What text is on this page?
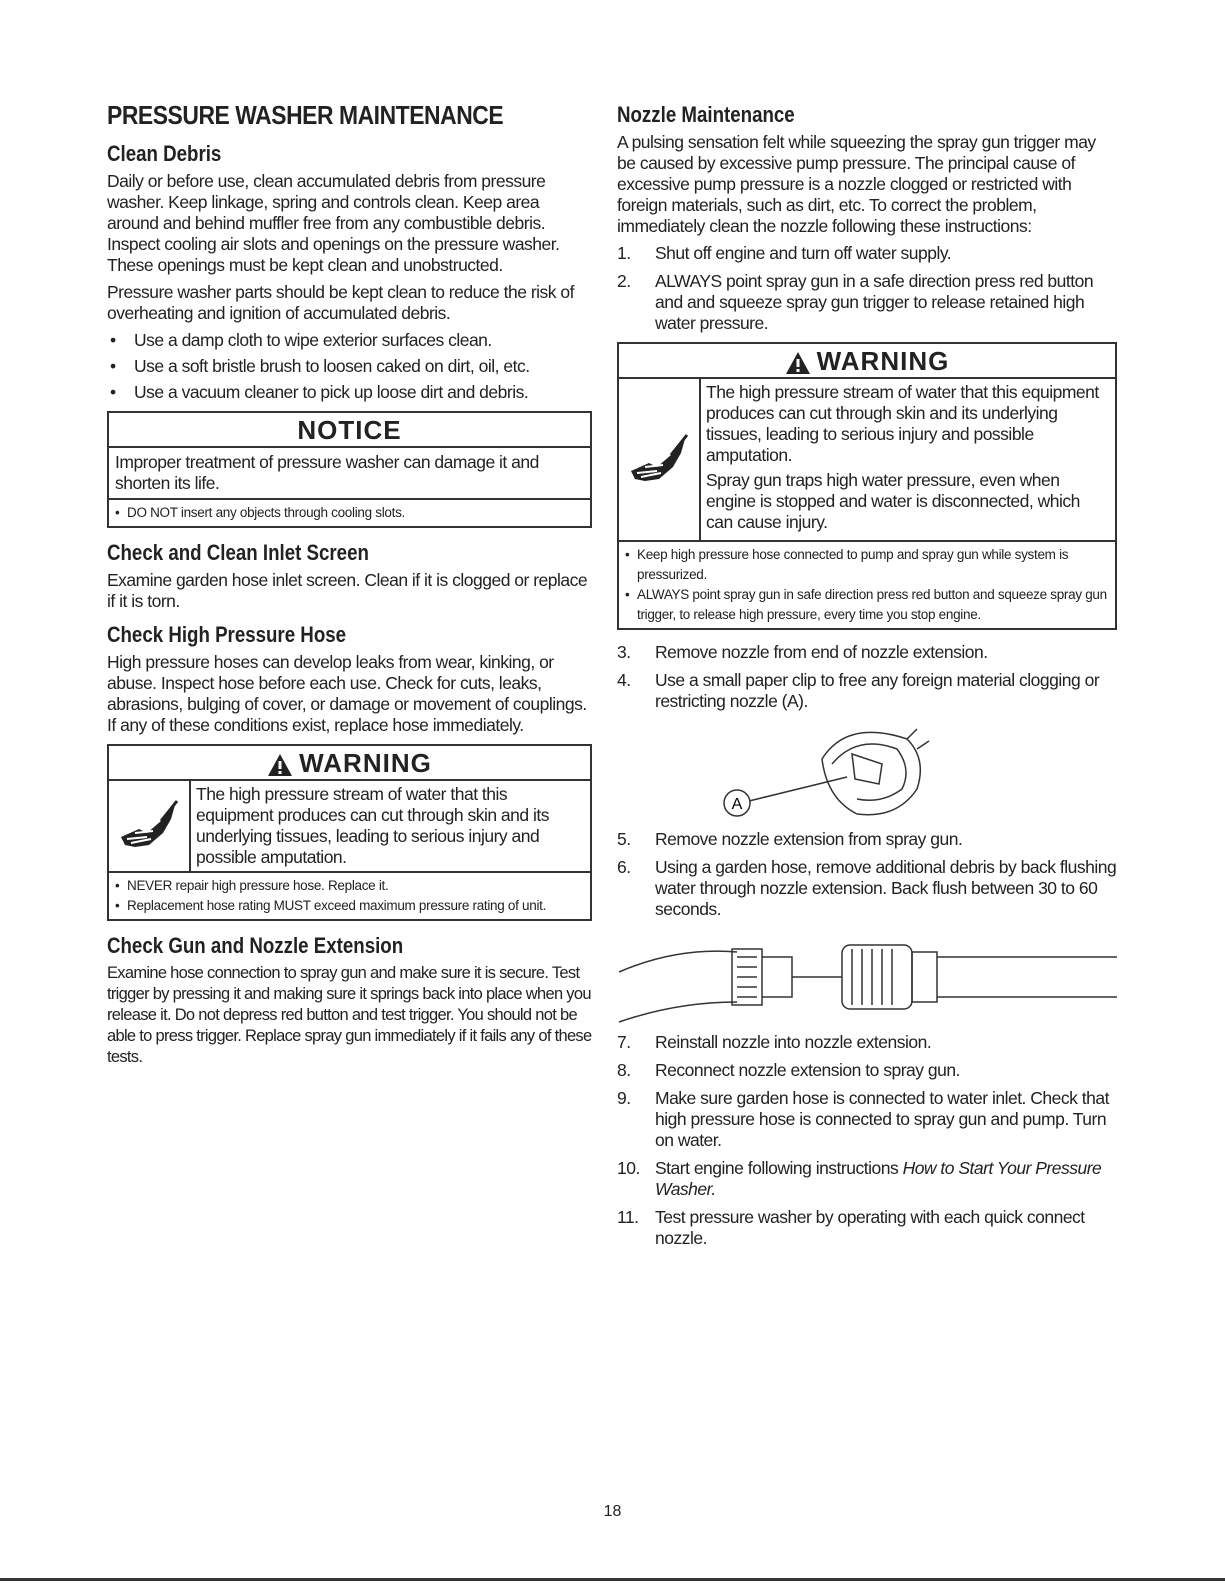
PRESSURE WASHER MAINTENANCE
Clean Debris

Daily or before use, clean accumulated debris from pressure washer. Keep linkage, spring and controls clean. Keep area around and behind muffler free from any combustible debris. Inspect cooling air slots and openings on the pressure washer. These openings must be kept clean and unobstructed.

Pressure washer parts should be kept clean to reduce the risk of overheating and ignition of accumulated debris.

• Use a damp cloth to wipe exterior surfaces clean.
• Use a soft bristle brush to loosen caked on dirt, oil, etc.
• Use a vacuum cleaner to pick up loose dirt and debris.
NOTICE
Improper treatment of pressure washer can damage it and shorten its life.
• DO NOT insert any objects through cooling slots.
Check and Clean Inlet Screen

Examine garden hose inlet screen. Clean if it is clogged or replace if it is torn.

Check High Pressure Hose

High pressure hoses can develop leaks from wear, kinking, or abuse. Inspect hose before each use. Check for cuts, leaks, abrasions, bulging of cover, or damage or movement of couplings. If any of these conditions exist, replace hose immediately.

WARNING
The high pressure stream of water that this equipment produces can cut through skin and its underlying tissues, leading to serious injury and possible amputation.
• NEVER repair high pressure hose. Replace it.
• Replacement hose rating MUST exceed maximum pressure rating of unit.
Check Gun and Nozzle Extension

Examine hose connection to spray gun and make sure it is secure. Test trigger by pressing it and making sure it springs back into place when you release it. Do not depress red button and test trigger. You should not be able to press trigger. Replace spray gun immediately if it fails any of these tests.

Nozzle Maintenance

A pulsing sensation felt while squeezing the spray gun trigger may be caused by excessive pump pressure. The principal cause of excessive pump pressure is a nozzle clogged or restricted with foreign materials, such as dirt, etc. To correct the problem, immediately clean the nozzle following these instructions:

1. Shut off engine and turn off water supply.
2. ALWAYS point spray gun in a safe direction press red button and and squeeze spray gun trigger to release retained high water pressure.
WARNING

The high pressure stream of water that this equipment produces can cut through skin and its underlying tissues, leading to serious injury and possible amputation.

Spray gun traps high water pressure, even when engine is stopped and water is disconnected, which can cause injury.

• Keep high pressure hose connected to pump and spray gun while system is pressurized.
• ALWAYS point spray gun in safe direction press red button and squeeze spray gun trigger, to release high pressure, every time you stop engine.
3. Remove nozzle from end of nozzle extension.
4. Use a small paper clip to free any foreign material clogging or restricting nozzle (A).
A
5. Remove nozzle extension from spray gun.
6. Using a garden hose, remove additional debris by back flushing water through nozzle extension. Back flush between 30 to 60 seconds.
7. Reinstall nozzle into nozzle extension.
8. Reconnect nozzle extension to spray gun.
9. Make sure garden hose is connected to water inlet. Check that high pressure hose is connected to spray gun and pump. Turn on water.
10. Start engine following instructions How to Start Your Pressure Washer.
11. Test pressure washer by operating with each quick connect nozzle.
18
